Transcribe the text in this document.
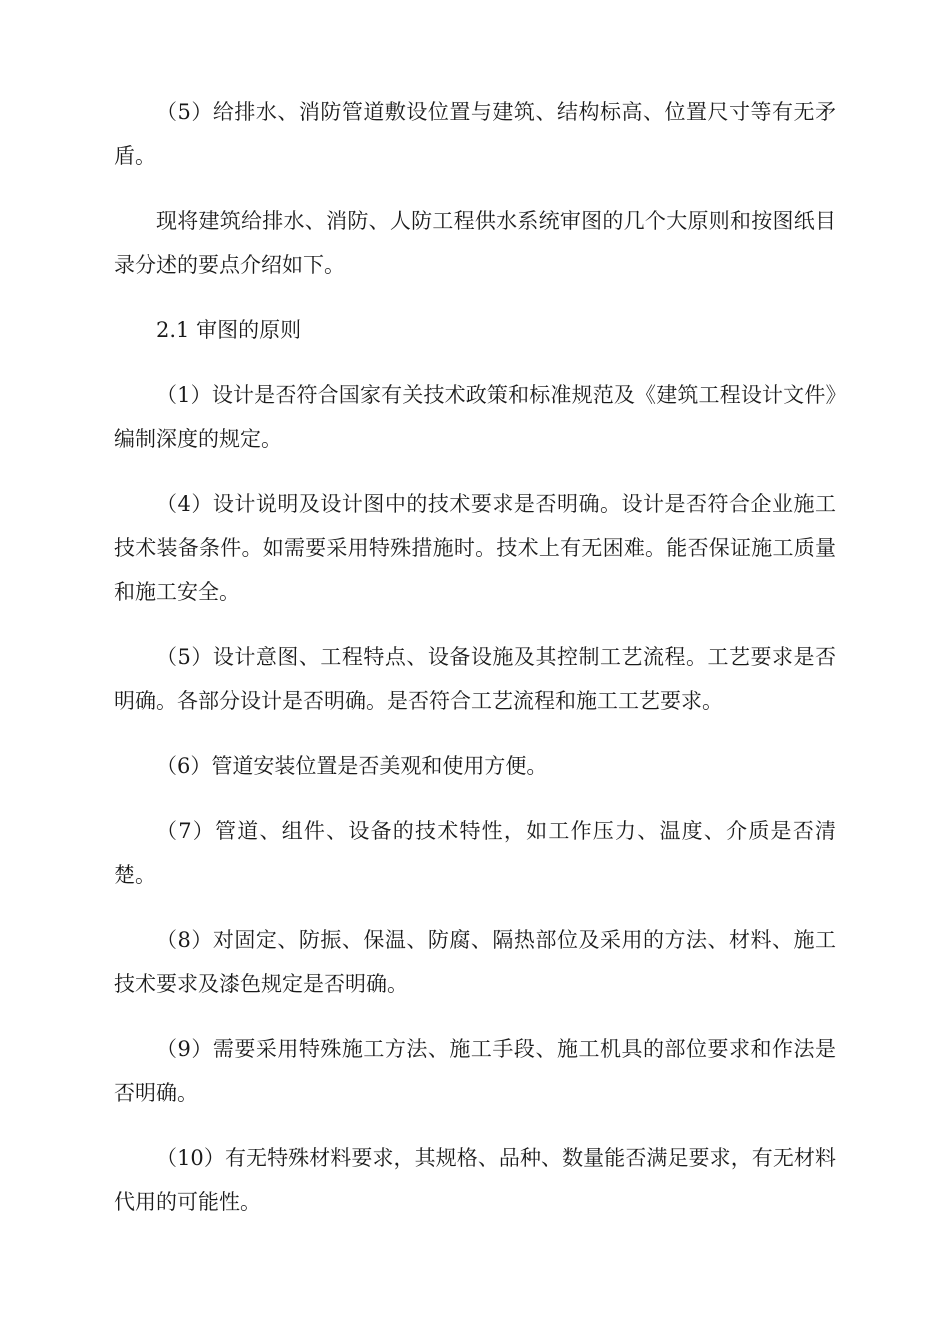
（5）给排水、消防管道敷设位置与建筑、结构标高、位置尺寸等有无矛盾。

现将建筑给排水、消防、人防工程供水系统审图的几个大原则和按图纸目录分述的要点介绍如下。

2.1 审图的原则

（1）设计是否符合国家有关技术政策和标准规范及《建筑工程设计文件》编制深度的规定。

（4）设计说明及设计图中的技术要求是否明确。设计是否符合企业施工技术装备条件。如需要采用特殊措施时。技术上有无困难。能否保证施工质量和施工安全。

（5）设计意图、工程特点、设备设施及其控制工艺流程。工艺要求是否明确。各部分设计是否明确。是否符合工艺流程和施工工艺要求。

（6）管道安装位置是否美观和使用方便。

（7）管道、组件、设备的技术特性，如工作压力、温度、介质是否清楚。

（8）对固定、防振、保温、防腐、隔热部位及采用的方法、材料、施工技术要求及漆色规定是否明确。

（9）需要采用特殊施工方法、施工手段、施工机具的部位要求和作法是否明确。

（10）有无特殊材料要求，其规格、品种、数量能否满足要求，有无材料代用的可能性。
